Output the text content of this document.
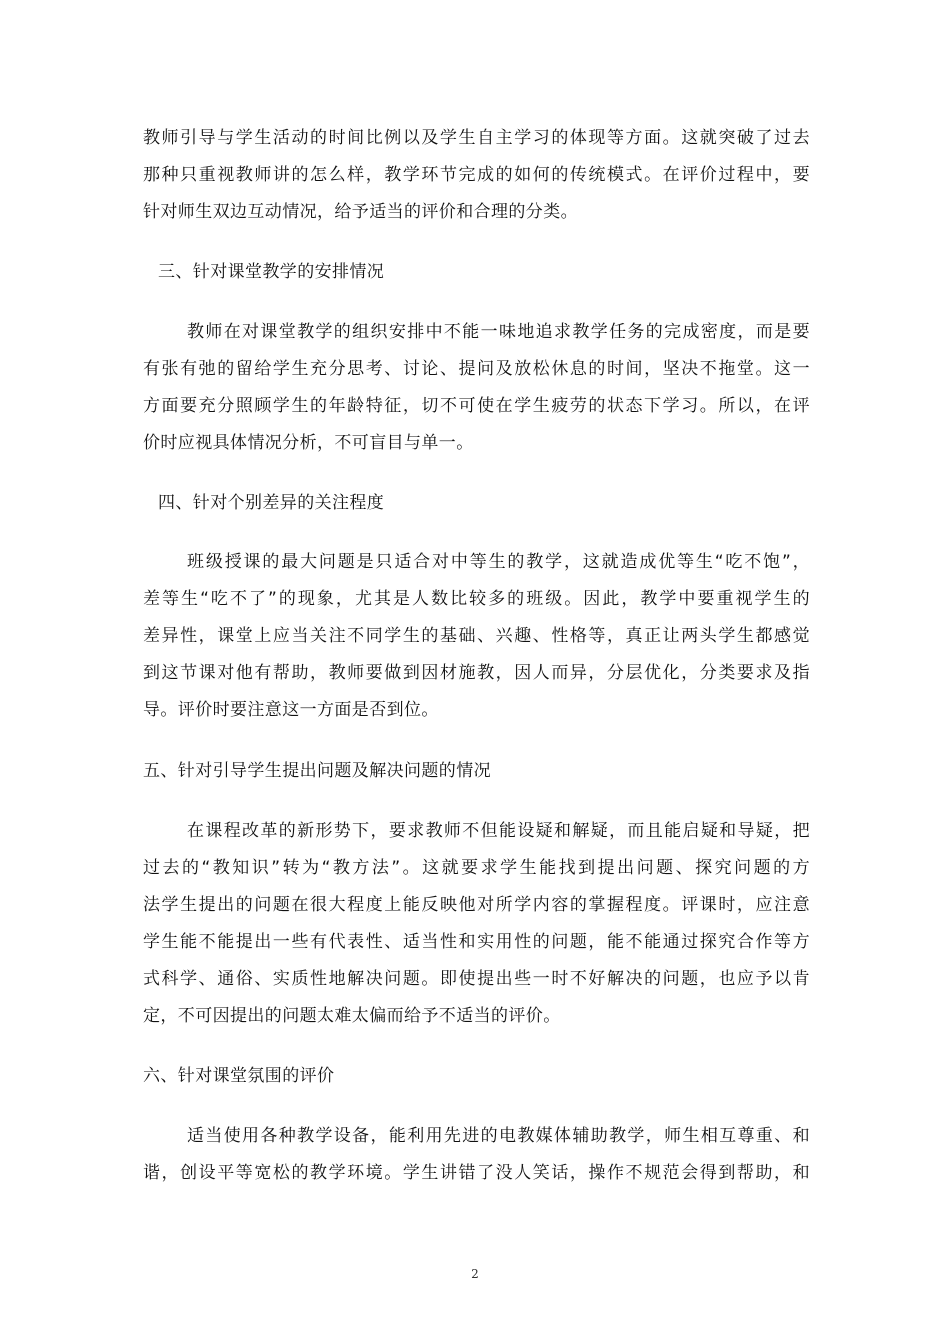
教师引导与学生活动的时间比例以及学生自主学习的体现等方面。这就突破了过去
那种只重视教师讲的怎么样，教学环节完成的如何的传统模式。在评价过程中，要
针对师生双边互动情况，给予适当的评价和合理的分类。
三、针对课堂教学的安排情况
教师在对课堂教学的组织安排中不能一味地追求教学任务的完成密度，而是要
有张有弛的留给学生充分思考、讨论、提问及放松休息的时间，坚决不拖堂。这一
方面要充分照顾学生的年龄特征，切不可使在学生疲劳的状态下学习。所以，在评
价时应视具体情况分析，不可盲目与单一。
四、针对个别差异的关注程度
班级授课的最大问题是只适合对中等生的教学，这就造成优等生“吃不饱”，
差等生“吃不了”的现象，尤其是人数比较多的班级。因此，教学中要重视学生的
差异性，课堂上应当关注不同学生的基础、兴趣、性格等，真正让两头学生都感觉
到这节课对他有帮助，教师要做到因材施教，因人而异，分层优化，分类要求及指
导。评价时要注意这一方面是否到位。
五、针对引导学生提出问题及解决问题的情况
在课程改革的新形势下，要求教师不但能设疑和解疑，而且能启疑和导疑，把
过去的“教知识”转为“教方法”。这就要求学生能找到提出问题、探究问题的方
法学生提出的问题在很大程度上能反映他对所学内容的掌握程度。评课时，应注意
学生能不能提出一些有代表性、适当性和实用性的问题，能不能通过探究合作等方
式科学、通俗、实质性地解决问题。即使提出些一时不好解决的问题，也应予以肯
定，不可因提出的问题太难太偏而给予不适当的评价。
六、针对课堂氛围的评价
适当使用各种教学设备，能利用先进的电教媒体辅助教学，师生相互尊重、和
谐，创设平等宽松的教学环境。学生讲错了没人笑话，操作不规范会得到帮助，和
2
